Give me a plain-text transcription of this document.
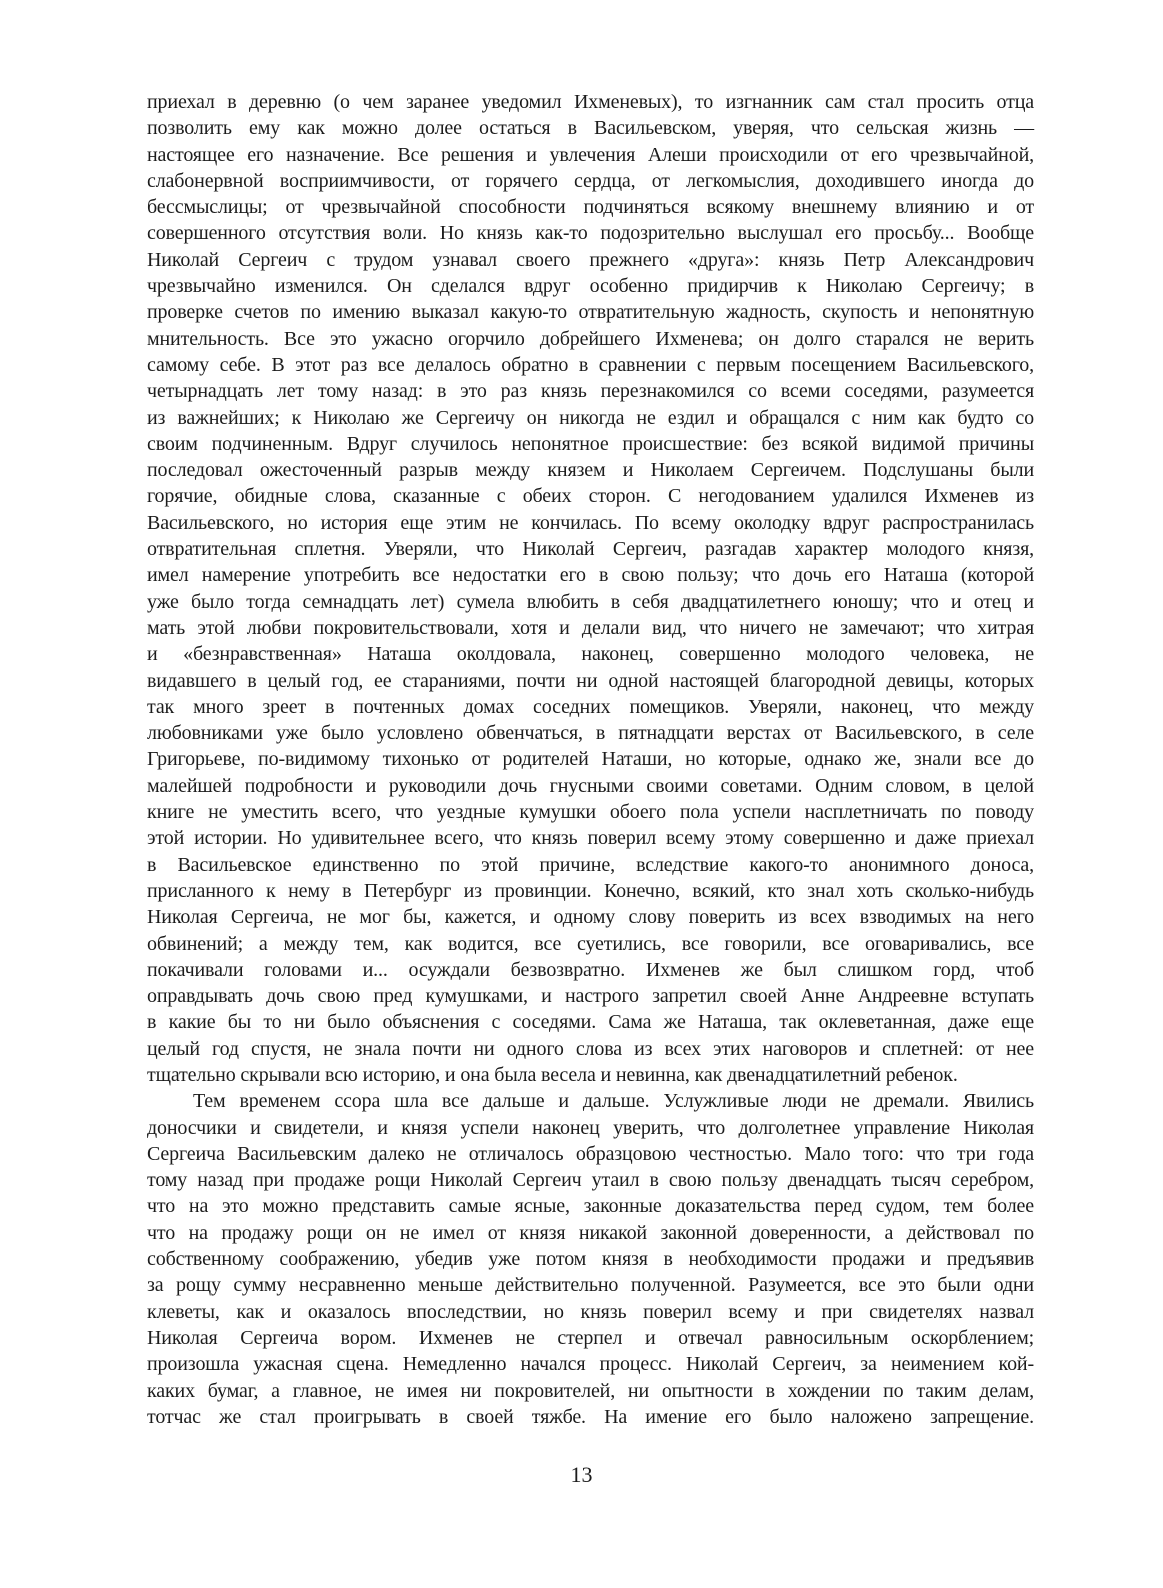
приехал в деревню (о чем заранее уведомил Ихменевых), то изгнанник сам стал просить отца
позволить ему как можно долее остаться в Васильевском, уверяя, что сельская жизнь —
настоящее его назначение. Все решения и увлечения Алеши происходили от его чрезвычайной,
слабонервной восприимчивости, от горячего сердца, от легкомыслия, доходившего иногда до
бессмыслицы; от чрезвычайной способности подчиняться всякому внешнему влиянию и от
совершенного отсутствия воли. Но князь как-то подозрительно выслушал его просьбу... Вообще
Николай Сергеич с трудом узнавал своего прежнего «друга»: князь Петр Александрович
чрезвычайно изменился. Он сделался вдруг особенно придирчив к Николаю Сергеичу; в
проверке счетов по имению выказал какую-то отвратительную жадность, скупость и непонятную
мнительность. Все это ужасно огорчило добрейшего Ихменева; он долго старался не верить
самому себе. В этот раз все делалось обратно в сравнении с первым посещением Васильевского,
четырнадцать лет тому назад: в это раз князь перезнакомился со всеми соседями, разумеется
из важнейших; к Николаю же Сергеичу он никогда не ездил и обращался с ним как будто со
своим подчиненным. Вдруг случилось непонятное происшествие: без всякой видимой причины
последовал ожесточенный разрыв между князем и Николаем Сергеичем. Подслушаны были
горячие, обидные слова, сказанные с обеих сторон. С негодованием удалился Ихменев из
Васильевского, но история еще этим не кончилась. По всему околодку вдруг распространилась
отвратительная сплетня. Уверяли, что Николай Сергеич, разгадав характер молодого князя,
имел намерение употребить все недостатки его в свою пользу; что дочь его Наташа (которой
уже было тогда семнадцать лет) сумела влюбить в себя двадцатилетнего юношу; что и отец и
мать этой любви покровительствовали, хотя и делали вид, что ничего не замечают; что хитрая
и «безнравственная» Наташа околдовала, наконец, совершенно молодого человека, не
видавшего в целый год, ее стараниями, почти ни одной настоящей благородной девицы, которых
так много зреет в почтенных домах соседних помещиков. Уверяли, наконец, что между
любовниками уже было условлено обвенчаться, в пятнадцати верстах от Васильевского, в селе
Григорьеве, по-видимому тихонько от родителей Наташи, но которые, однако же, знали все до
малейшей подробности и руководили дочь гнусными своими советами. Одним словом, в целой
книге не уместить всего, что уездные кумушки обоего пола успели насплетничать по поводу
этой истории. Но удивительнее всего, что князь поверил всему этому совершенно и даже приехал
в Васильевское единственно по этой причине, вследствие какого-то анонимного доноса,
присланного к нему в Петербург из провинции. Конечно, всякий, кто знал хоть сколько-нибудь
Николая Сергеича, не мог бы, кажется, и одному слову поверить из всех взводимых на него
обвинений; а между тем, как водится, все суетились, все говорили, все оговаривались, все
покачивали головами и... осуждали безвозвратно. Ихменев же был слишком горд, чтоб
оправдывать дочь свою пред кумушками, и настрого запретил своей Анне Андреевне вступать
в какие бы то ни было объяснения с соседями. Сама же Наташа, так оклеветанная, даже еще
целый год спустя, не знала почти ни одного слова из всех этих наговоров и сплетней: от нее
тщательно скрывали всю историю, и она была весела и невинна, как двенадцатилетний ребенок.
Тем временем ссора шла все дальше и дальше. Услужливые люди не дремали. Явились
доносчики и свидетели, и князя успели наконец уверить, что долголетнее управление Николая
Сергеича Васильевским далеко не отличалось образцовою честностью. Мало того: что три года
тому назад при продаже рощи Николай Сергеич утаил в свою пользу двенадцать тысяч серебром,
что на это можно представить самые ясные, законные доказательства перед судом, тем более
что на продажу рощи он не имел от князя никакой законной доверенности, а действовал по
собственному соображению, убедив уже потом князя в необходимости продажи и предъявив
за рощу сумму несравненно меньше действительно полученной. Разумеется, все это были одни
клеветы, как и оказалось впоследствии, но князь поверил всему и при свидетелях назвал
Николая Сергеича вором. Ихменев не стерпел и отвечал равносильным оскорблением;
произошла ужасная сцена. Немедленно начался процесс. Николай Сергеич, за неимением кой-
каких бумаг, а главное, не имея ни покровителей, ни опытности в хождении по таким делам,
тотчас же стал проигрывать в своей тяжбе. На имение его было наложено запрещение.
13
